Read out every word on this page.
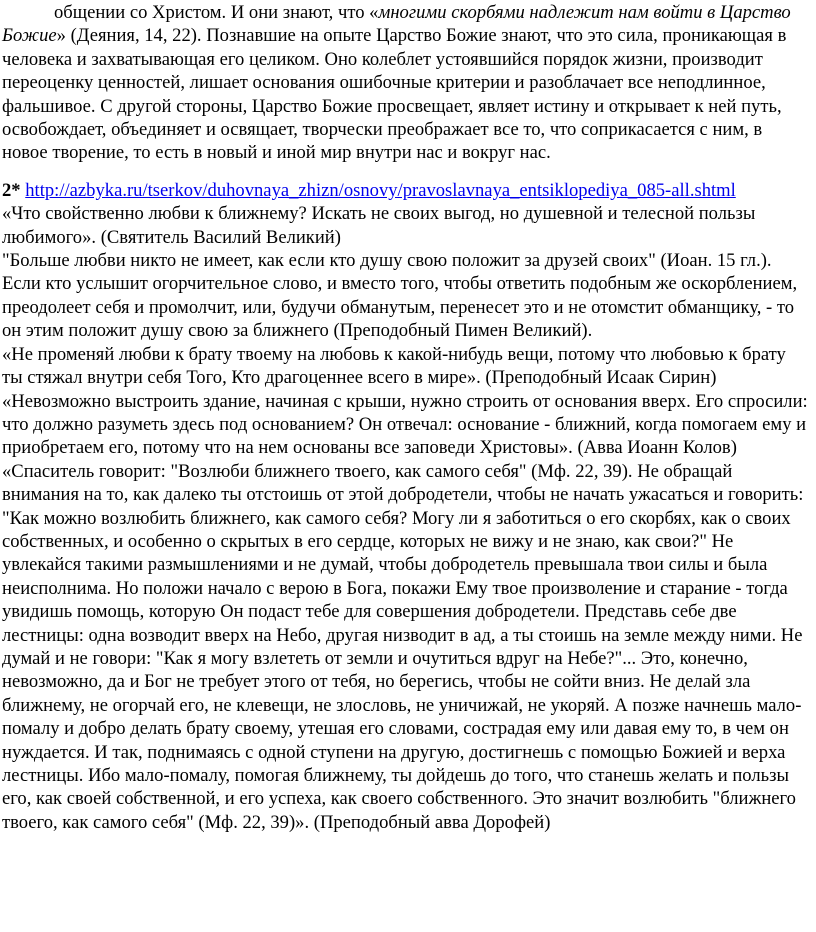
общении со Христом. И они знают, что «многими скорбями надлежит нам войти в Царство Божие» (Деяния, 14, 22). Познавшие на опыте Царство Божие знают, что это сила, проникающая в человека и захватывающая его целиком. Оно колеблет устоявшийся порядок жизни, производит переоценку ценностей, лишает основания ошибочные критерии и разоблачает все неподлинное, фальшивое. С другой стороны, Царство Божие просвещает, являет истину и открывает к ней путь, освобождает, объединяет и освящает, творчески преображает все то, что соприкасается с ним, в новое творение, то есть в новый и иной мир внутри нас и вокруг нас.

2* http://azbyka.ru/tserkov/duhovnaya_zhizn/osnovy/pravoslavnaya_entsiklopediya_085-all.shtml

«Что свойственно любви к ближнему? Искать не своих выгод, но душевной и телесной пользы любимого». (Святитель Василий Великий)

"Больше любви никто не имеет, как если кто душу свою положит за друзей своих" (Иоан. 15 гл.). Если кто услышит огорчительное слово, и вместо того, чтобы ответить подобным же оскорблением, преодолеет себя и промолчит, или, будучи обманутым, перенесет это и не отомстит обманщику, - то он этим положит душу свою за ближнего (Преподобный Пимен Великий).

«Не променяй любви к брату твоему на любовь к какой-нибудь вещи, потому что любовью к брату ты стяжал внутри себя Того, Кто драгоценнее всего в мире». (Преподобный Исаак Сирин)

«Невозможно выстроить здание, начиная с крыши, нужно строить от основания вверх. Его спросили: что должно разуметь здесь под основанием? Он отвечал: основание - ближний, когда помогаем ему и приобретаем его, потому что на нем основаны все заповеди Христовы». (Авва Иоанн Колов)

«Спаситель говорит: "Возлюби ближнего твоего, как самого себя" (Мф. 22, 39). Не обращай внимания на то, как далеко ты отстоишь от этой добродетели, чтобы не начать ужасаться и говорить: "Как можно возлюбить ближнего, как самого себя? Могу ли я заботиться о его скорбях, как о своих собственных, и особенно о скрытых в его сердце, которых не вижу и не знаю, как свои?" Не увлекайся такими размышлениями и не думай, чтобы добродетель превышала твои силы и была неисполнима. Но положи начало с верою в Бога, покажи Ему твое произволение и старание - тогда увидишь помощь, которую Он подаст тебе для совершения добродетели. Представь себе две лестницы: одна возводит вверх на Небо, другая низводит в ад, а ты стоишь на земле между ними. Не думай и не говори: "Как я могу взлететь от земли и очутиться вдруг на Небе?"... Это, конечно, невозможно, да и Бог не требует этого от тебя, но берегись, чтобы не сойти вниз. Не делай зла ближнему, не огорчай его, не клевещи, не злословь, не уничижай, не укоряй. А позже начнешь мало-помалу и добро делать брату своему, утешая его словами, сострадая ему или давая ему то, в чем он нуждается. И так, поднимаясь с одной ступени на другую, достигнешь с помощью Божией и верха лестницы. Ибо мало-помалу, помогая ближнему, ты дойдешь до того, что станешь желать и пользы его, как своей собственной, и его успеха, как своего собственного. Это значит возлюбить "ближнего твоего, как самого себя" (Мф. 22, 39)». (Преподобный авва Дорофей)
